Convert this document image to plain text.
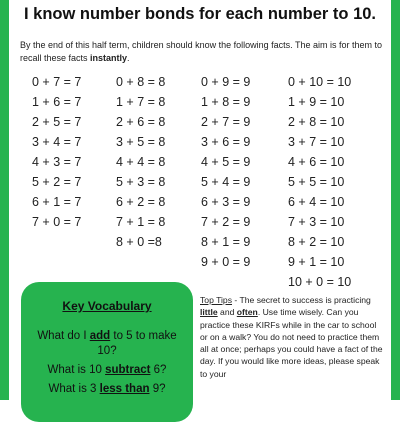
I know number bonds for each number to 10.

By the end of this half term, children should know the following facts. The aim is for them to recall these facts instantly.

0 + 7 = 7
1 + 6 = 7
2 + 5 = 7
3 + 4 = 7
4 + 3 = 7
5 + 2 = 7
6 + 1 = 7
7 + 0 = 7
0 + 8 = 8
1 + 7 = 8
2 + 6 = 8
3 + 5 = 8
4 + 4 = 8
5 + 3 = 8
6 + 2 = 8
7 + 1 = 8
8 + 0 =8
0 + 9 = 9
1 + 8 = 9
2 + 7 = 9
3 + 6 = 9
4 + 5 = 9
5 + 4 = 9
6 + 3 = 9
7 + 2 = 9
8 + 1 = 9
9 + 0 = 9
0 + 10 = 10
1 + 9 = 10
2 + 8 = 10
3 + 7 = 10
4 + 6 = 10
5 + 5 = 10
6 + 4 = 10
7 + 3 = 10
8 + 2 = 10
9 + 1 = 10
10 + 0 = 10
Key Vocabulary
What do I add to 5 to make 10?
What is 10 subtract 6?
What is 3 less than 9?
Top Tips - The secret to success is practicing little and often. Use time wisely. Can you practice these KIRFs while in the car to school or on a walk? You do not need to practice them all at once; perhaps you could have a fact of the day. If you would like more ideas, please speak to your
